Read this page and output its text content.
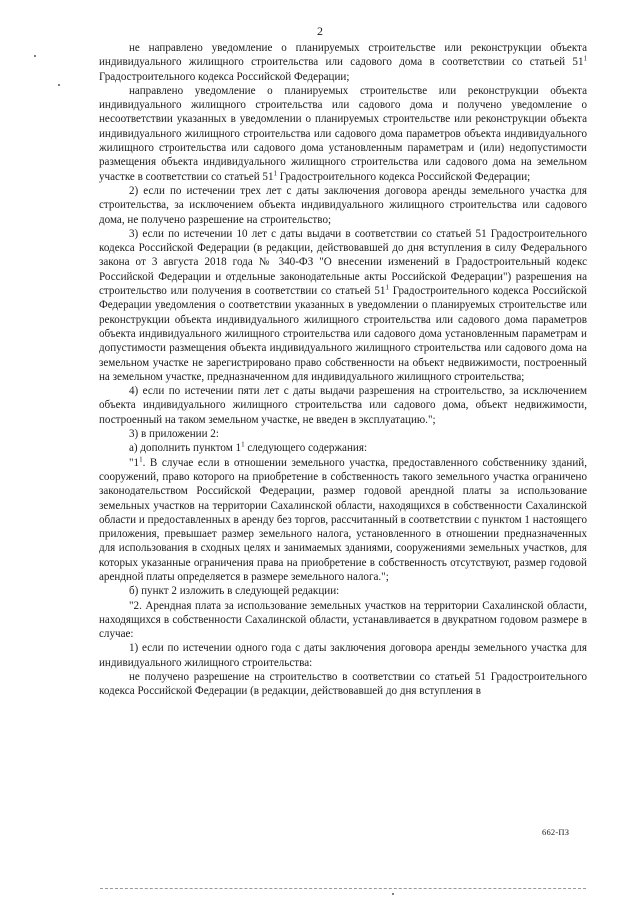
2

не направлено уведомление о планируемых строительстве или реконструкции объекта индивидуального жилищного строительства или садового дома в соответствии со статьей $51^1$ Градостроительного кодекса Российской Федерации;

направлено уведомление о планируемых строительстве или реконструкции объекта индивидуального жилищного строительства или садового дома и получено уведомление о несоответствии указанных в уведомлении о планируемых строительстве или реконструкции объекта индивидуального жилищного строительства или садового дома параметров объекта индивидуального жилищного строительства или садового дома установленным параметрам и (или) недопустимости размещения объекта индивидуального жилищного строительства или садового дома на земельном участке в соответствии со статьей $51^1$ Градостроительного кодекса Российской Федерации;

2) если по истечении трех лет с даты заключения договора аренды земельного участка для строительства, за исключением объекта индивидуального жилищного строительства или садового дома, не получено разрешение на строительство;

3) если по истечении 10 лет с даты выдачи в соответствии со статьей 51 Градостроительного кодекса Российской Федерации (в редакции, действовавшей до дня вступления в силу Федерального закона от 3 августа 2018 года № 340-ФЗ "О внесении изменений в Градостроительный кодекс Российской Федерации и отдельные законодательные акты Российской Федерации") разрешения на строительство или получения в соответствии со статьей $51^1$ Градостроительного кодекса Российской Федерации уведомления о соответствии указанных в уведомлении о планируемых строительстве или реконструкции объекта индивидуального жилищного строительства или садового дома параметров объекта индивидуального жилищного строительства или садового дома установленным параметрам и допустимости размещения объекта индивидуального жилищного строительства или садового дома на земельном участке не зарегистрировано право собственности на объект недвижимости, построенный на земельном участке, предназначенном для индивидуального жилищного строительства;

4) если по истечении пяти лет с даты выдачи разрешения на строительство, за исключением объекта индивидуального жилищного строительства или садового дома, объект недвижимости, построенный на таком земельном участке, не введен в эксплуатацию.";

3) в приложении 2:

а) дополнить пунктом $1^1$ следующего содержания:

"$1^1$. В случае если в отношении земельного участка, предоставленного собственнику зданий, сооружений, право которого на приобретение в собственность такого земельного участка ограничено законодательством Российской Федерации, размер годовой арендной платы за использование земельных участков на территории Сахалинской области, находящихся в собственности Сахалинской области и предоставленных в аренду без торгов, рассчитанный в соответствии с пунктом 1 настоящего приложения, превышает размер земельного налога, установленного в отношении предназначенных для использования в сходных целях и занимаемых зданиями, сооружениями земельных участков, для которых указанные ограничения права на приобретение в собственность отсутствуют, размер годовой арендной платы определяется в размере земельного налога.";

б) пункт 2 изложить в следующей редакции:

"2. Арендная плата за использование земельных участков на территории Сахалинской области, находящихся в собственности Сахалинской области, устанавливается в двукратном годовом размере в случае:

1) если по истечении одного года с даты заключения договора аренды земельного участка для индивидуального жилищного строительства:

не получено разрешение на строительство в соответствии со статьей 51 Градостроительного кодекса Российской Федерации (в редакции, действовавшей до дня вступления в

662-ПЗ
